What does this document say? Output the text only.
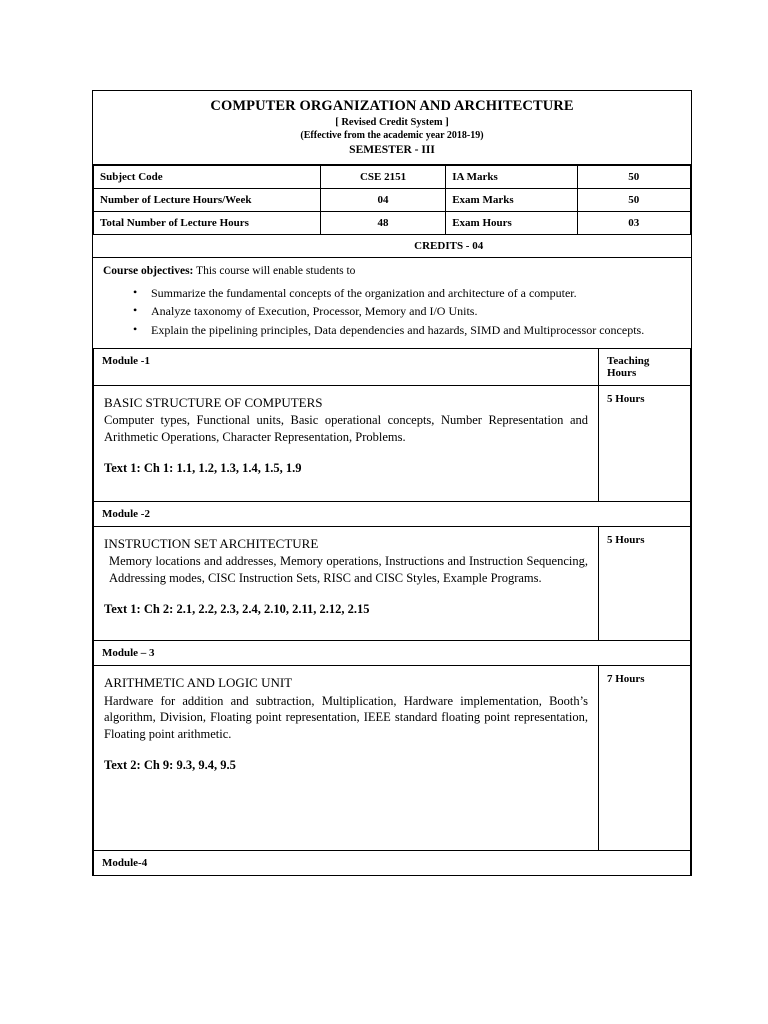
COMPUTER ORGANIZATION AND ARCHITECTURE
[ Revised Credit System ]
(Effective from the academic year 2018-19)
SEMESTER - III
Subject Code	CSE 2151	IA Marks	50
Number of Lecture Hours/Week	04	Exam Marks	50
Total Number of Lecture Hours	48	Exam Hours	03
	CREDITS - 04		
Course objectives: This course will enable students to
• Summarize the fundamental concepts of the organization and architecture of a computer.
• Analyze taxonomy of Execution, Processor, Memory and I/O Units.
• Explain the pipelining principles, Data dependencies and hazards, SIMD and Multiprocessor concepts.
Module -1	Teaching
Hours

BASIC STRUCTURE OF COMPUTERS
Computer types, Functional units, Basic operational concepts, Number Representation and Arithmetic Operations, Character Representation, Problems.
Text 1: Ch 1: 1.1, 1.2, 1.3, 1.4, 1.5, 1.9	5 Hours
Module -2	

INSTRUCTION SET ARCHITECTURE
Memory locations and addresses, Memory operations, Instructions and Instruction Sequencing, Addressing modes, CISC Instruction Sets, RISC and CISC Styles, Example Programs.
Text 1: Ch 2: 2.1, 2.2, 2.3, 2.4, 2.10, 2.11, 2.12, 2.15	5 Hours
Module – 3	

ARITHMETIC AND LOGIC UNIT
Hardware for addition and subtraction, Multiplication, Hardware implementation, Booth’s algorithm, Division, Floating point representation, IEEE standard floating point representation, Floating point arithmetic.
Text 2: Ch 9: 9.3, 9.4, 9.5	7 Hours
Module-4	
